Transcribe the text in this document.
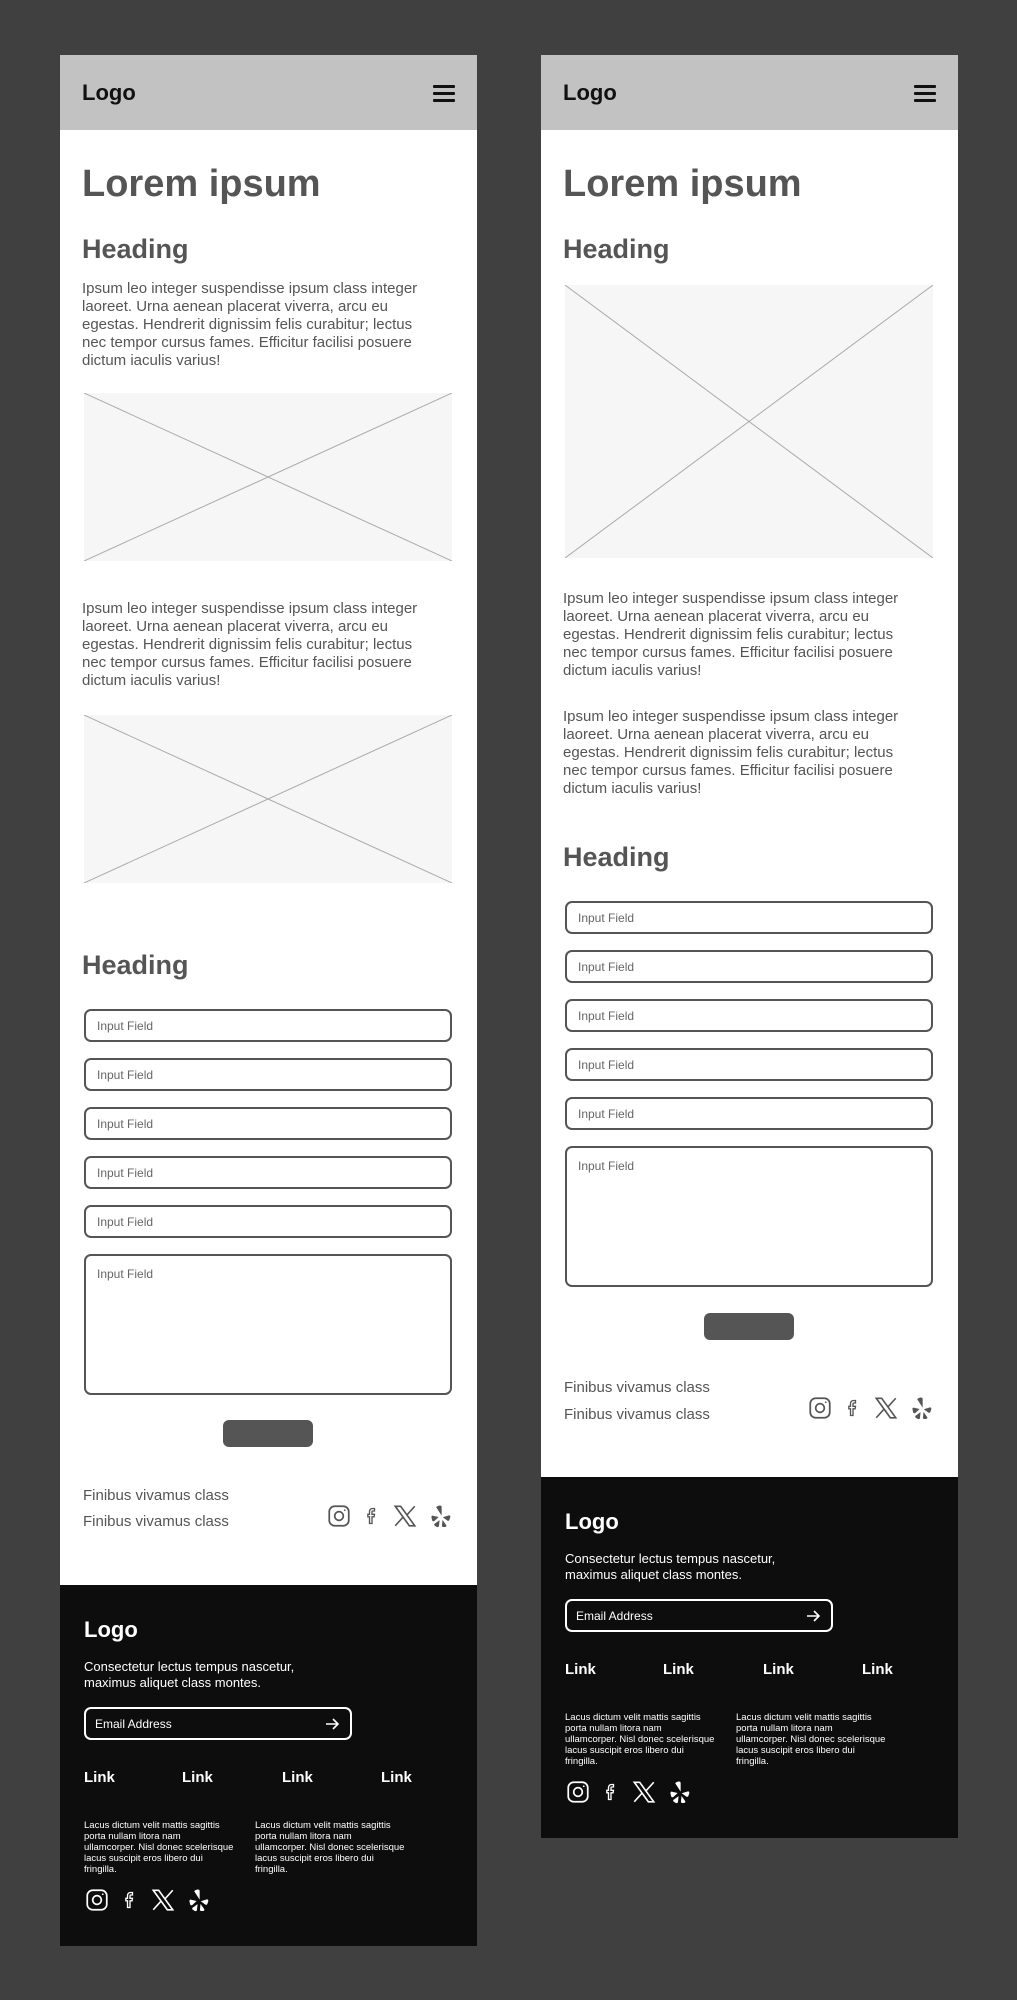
Logo
Lorem ipsum
Heading
Ipsum leo integer suspendisse ipsum class integer laoreet. Urna aenean placerat viverra, arcu eu egestas. Hendrerit dignissim felis curabitur; lectus nec tempor cursus fames. Efficitur facilisi posuere dictum iaculis varius!
Ipsum leo integer suspendisse ipsum class integer laoreet. Urna aenean placerat viverra, arcu eu egestas. Hendrerit dignissim felis curabitur; lectus nec tempor cursus fames. Efficitur facilisi posuere dictum iaculis varius!
Heading
Input Field
Input Field
Input Field
Input Field
Input Field
Input Field
Finibus vivamus class
Finibus vivamus class
Logo
Consectetur lectus tempus nascetur, maximus aliquet class montes.
Email Address
Link	Link	Link	Link
Lacus dictum velit mattis sagittis porta nullam litora nam ullamcorper. Nisl donec scelerisque lacus suscipit eros libero dui fringilla.
Lacus dictum velit mattis sagittis porta nullam litora nam ullamcorper. Nisl donec scelerisque lacus suscipit eros libero dui fringilla.
Logo
Lorem ipsum
Heading
Ipsum leo integer suspendisse ipsum class integer laoreet. Urna aenean placerat viverra, arcu eu egestas. Hendrerit dignissim felis curabitur; lectus nec tempor cursus fames. Efficitur facilisi posuere dictum iaculis varius!
Ipsum leo integer suspendisse ipsum class integer laoreet. Urna aenean placerat viverra, arcu eu egestas. Hendrerit dignissim felis curabitur; lectus nec tempor cursus fames. Efficitur facilisi posuere dictum iaculis varius!
Heading
Input Field
Input Field
Input Field
Input Field
Input Field
Input Field
Finibus vivamus class
Finibus vivamus class
Logo
Consectetur lectus tempus nascetur, maximus aliquet class montes.
Email Address
Link	Link	Link	Link
Lacus dictum velit mattis sagittis porta nullam litora nam ullamcorper. Nisl donec scelerisque lacus suscipit eros libero dui fringilla.
Lacus dictum velit mattis sagittis porta nullam litora nam ullamcorper. Nisl donec scelerisque lacus suscipit eros libero dui fringilla.
